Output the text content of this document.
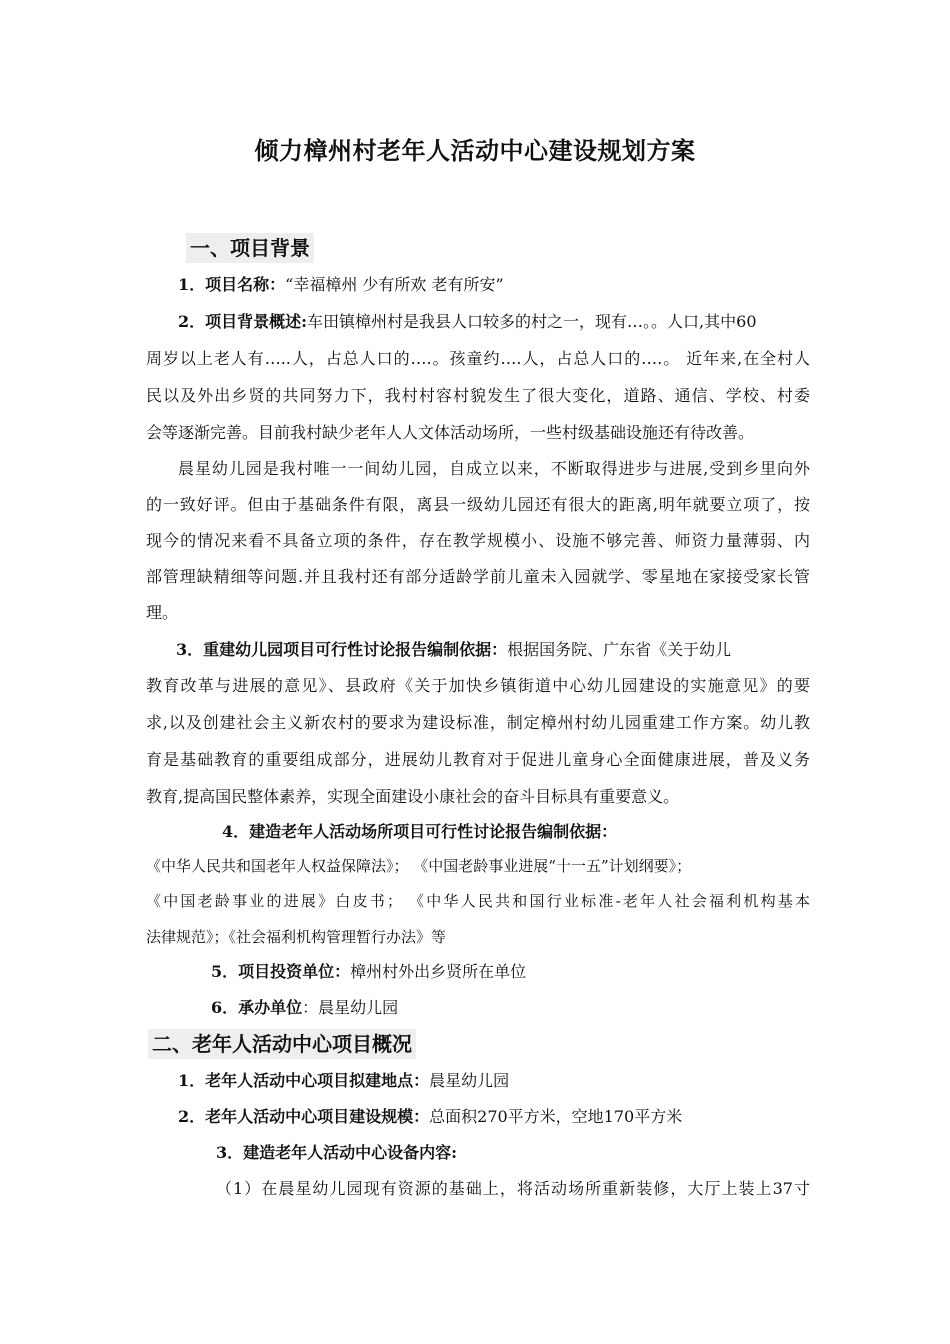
倾力樟州村老年人活动中心建设规划方案
一、项目背景
1．项目名称：“幸福樟州 少有所欢 老有所安”
2．项目背景概述:车田镇樟州村是我县人口较多的村之一，现有…。。人口,其中60
周岁以上老人有…..人，占总人口的….。孩童约….人，占总人口的….。 近年来,在全村人
民以及外出乡贤的共同努力下，我村村容村貌发生了很大变化，道路、通信、学校、村委
会等逐渐完善。目前我村缺少老年人人文体活动场所，一些村级基础设施还有待改善。
晨星幼儿园是我村唯一一间幼儿园，自成立以来，不断取得进步与进展,受到乡里向外
的一致好评。但由于基础条件有限，离县一级幼儿园还有很大的距离,明年就要立项了，按
现今的情况来看不具备立项的条件，存在教学规模小、设施不够完善、师资力量薄弱、内
部管理缺精细等问题.并且我村还有部分适龄学前儿童未入园就学、零星地在家接受家长管
理。
3．重建幼儿园项目可行性讨论报告编制依据：根据国务院、广东省《关于幼儿
教育改革与进展的意见》、县政府《关于加快乡镇街道中心幼儿园建设的实施意见》的要
求,以及创建社会主义新农村的要求为建设标准，制定樟州村幼儿园重建工作方案。幼儿教
育是基础教育的重要组成部分，进展幼儿教育对于促进儿童身心全面健康进展，普及义务
教育,提高国民整体素养，实现全面建设小康社会的奋斗目标具有重要意义。
4．建造老年人活动场所项目可行性讨论报告编制依据：
《中华人民共和国老年人权益保障法》； 《中国老龄事业进展“十一五”计划纲要》；
《中国老龄事业的进展》白皮书； 《中华人民共和国行业标准-老年人社会福利机构基本
法律规范》；《社会福利机构管理暂行办法》等
5．项目投资单位：樟州村外出乡贤所在单位
6．承办单位：晨星幼儿园
二、老年人活动中心项目概况
1．老年人活动中心项目拟建地点：晨星幼儿园
2．老年人活动中心项目建设规模：总面积270平方米，空地170平方米
3．建造老年人活动中心设备内容:
（1）在晨星幼儿园现有资源的基础上，将活动场所重新装修，大厅上装上37寸
